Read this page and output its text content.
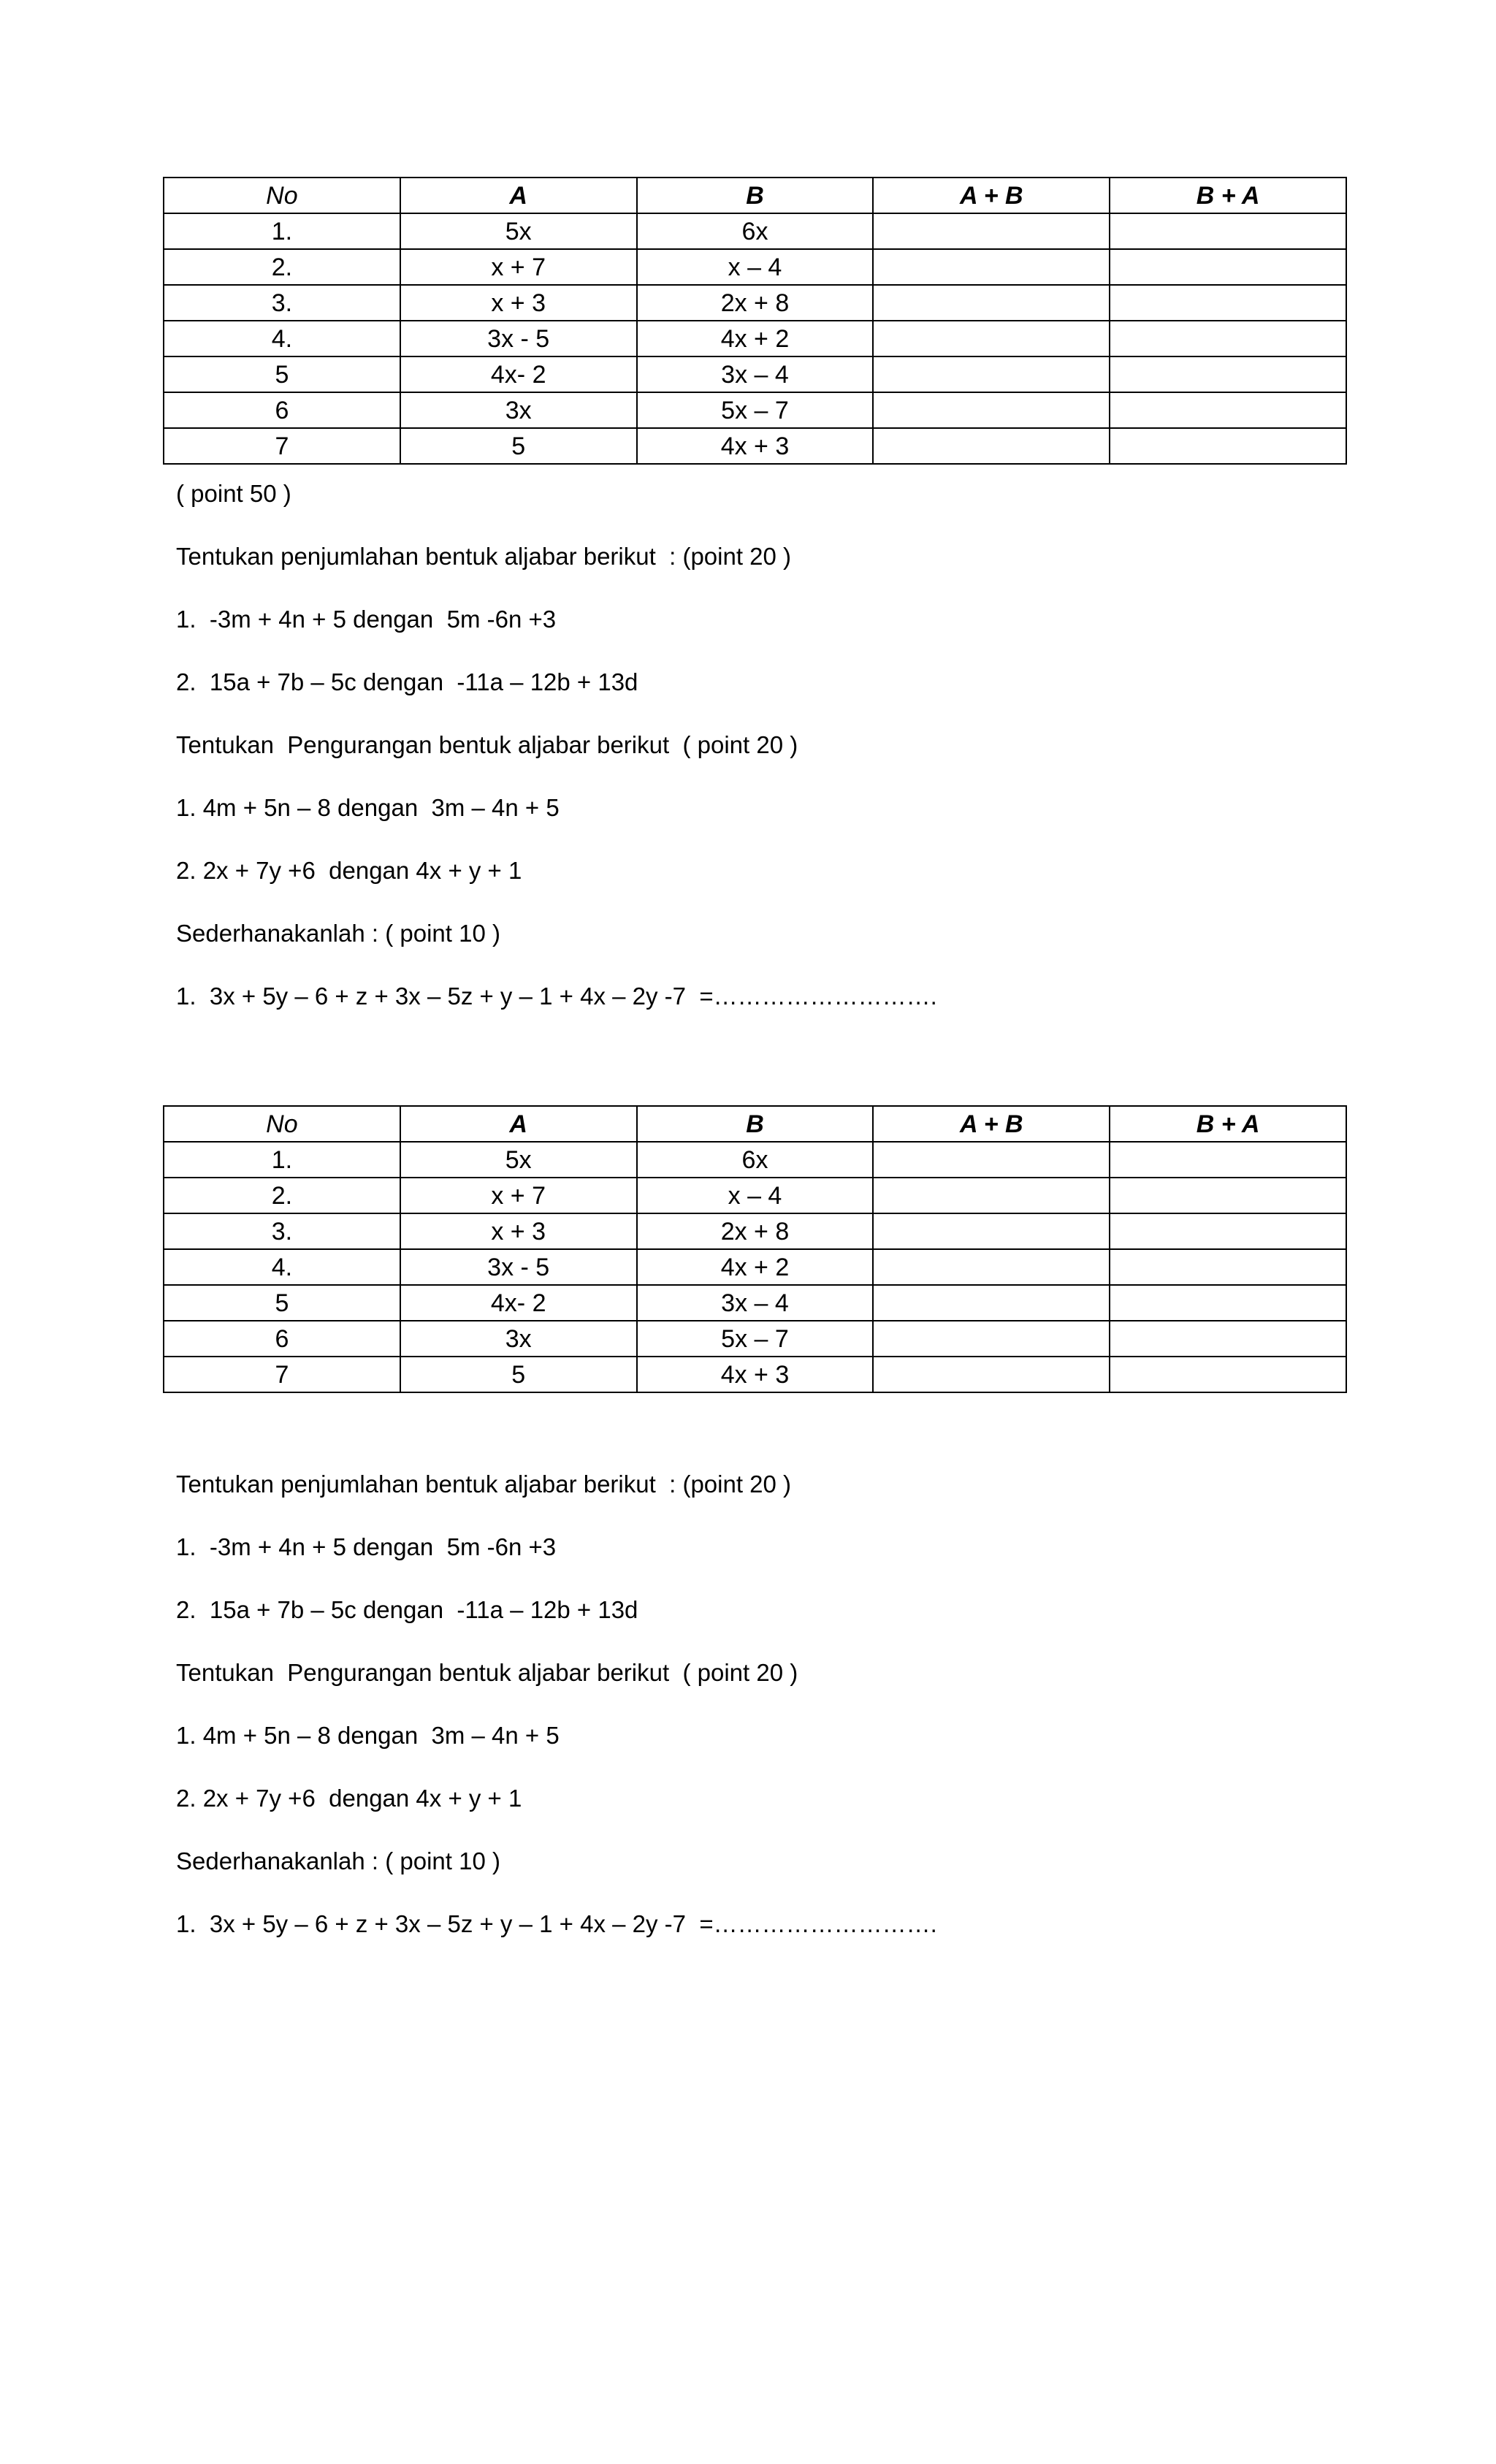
No	A	B	A + B	B + A
1.	5x	6x		
2.	x + 7	x – 4		
3.	x + 3	2x + 8		
4.	3x - 5	4x + 2		
5	4x- 2	3x – 4		
6	3x	5x – 7		
7	5	4x + 3		

( point 50 )

Tentukan penjumlahan bentuk aljabar berikut  : (point 20 )

1.  -3m + 4n + 5 dengan  5m -6n +3

2.  15a + 7b – 5c dengan  -11a – 12b + 13d

Tentukan  Pengurangan bentuk aljabar berikut  ( point 20 )

1. 4m + 5n – 8 dengan  3m – 4n + 5

2. 2x + 7y +6  dengan 4x + y + 1

Sederhanakanlah : ( point 10 )

1.  3x + 5y – 6 + z + 3x – 5z + y – 1 + 4x – 2y -7  =……………………….

No	A	B	A + B	B + A
1.	5x	6x		
2.	x + 7	x – 4		
3.	x + 3	2x + 8		
4.	3x - 5	4x + 2		
5	4x- 2	3x – 4		
6	3x	5x – 7		
7	5	4x + 3		

Tentukan penjumlahan bentuk aljabar berikut  : (point 20 )

1.  -3m + 4n + 5 dengan  5m -6n +3

2.  15a + 7b – 5c dengan  -11a – 12b + 13d

Tentukan  Pengurangan bentuk aljabar berikut  ( point 20 )

1. 4m + 5n – 8 dengan  3m – 4n + 5

2. 2x + 7y +6  dengan 4x + y + 1

Sederhanakanlah : ( point 10 )

1.  3x + 5y – 6 + z + 3x – 5z + y – 1 + 4x – 2y -7  =……………………….
